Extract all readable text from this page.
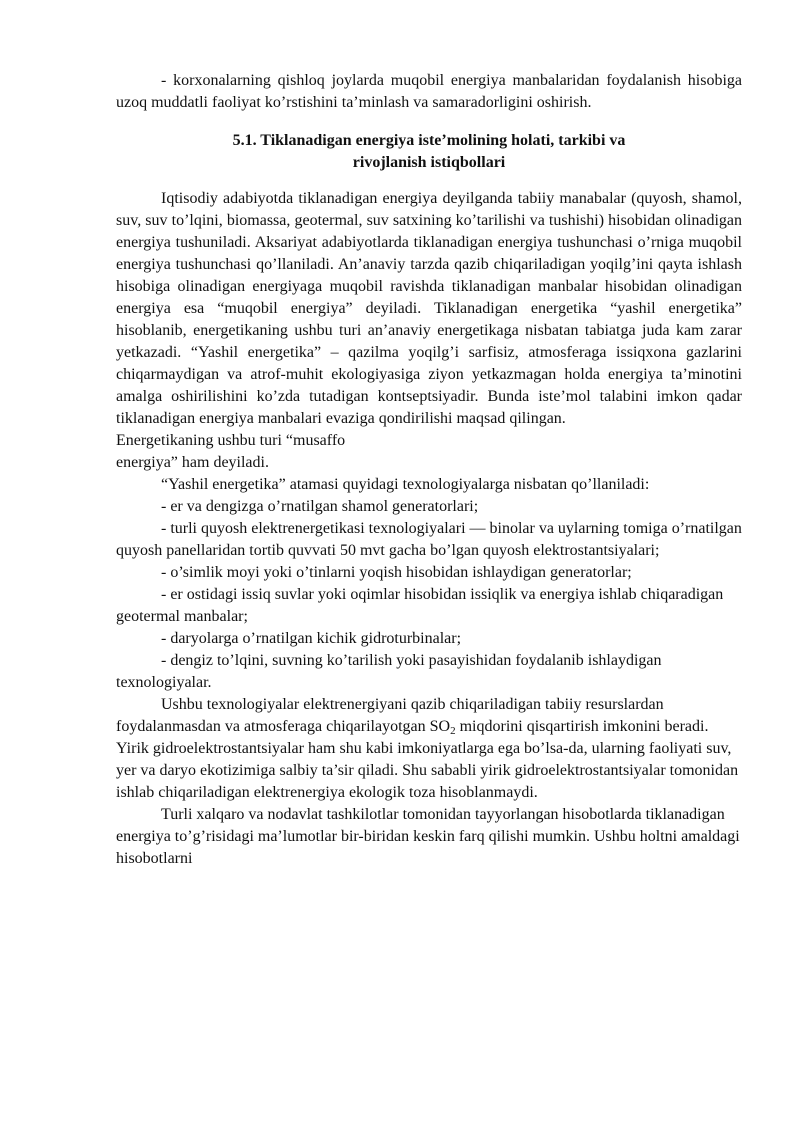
- korxonalarning qishloq joylarda muqobil energiya manbalaridan foydalanish hisobiga uzoq muddatli faoliyat ko’rstishini ta’minlash va samaradorligini oshirish.

5.1. Tiklanadigan energiya iste’molining holati, tarkibi va
rivojlanish istiqbollari

Iqtisodiy adabiyotda tiklanadigan energiya deyilganda tabiiy manabalar (quyosh, shamol, suv, suv to’lqini, biomassa, geotermal, suv satxining ko’tarilishi va tushishi) hisobidan olinadigan energiya tushuniladi. Aksariyat adabiyotlarda tiklanadigan energiya tushunchasi o’rniga muqobil energiya tushunchasi qo’llaniladi. An’anaviy tarzda qazib chiqariladigan yoqilg’ini qayta ishlash hisobiga olinadigan energiyaga muqobil ravishda tiklanadigan manbalar hisobidan olinadigan energiya esa “muqobil energiya” deyiladi. Tiklanadigan energetika “yashil energetika” hisoblanib, energetikaning ushbu turi an’anaviy energetikaga nisbatan tabiatga juda kam zarar yetkazadi. “Yashil energetika” – qazilma yoqilg’i sarfisiz, atmosferaga issiqxona gazlarini chiqarmaydigan va atrof-muhit ekologiyasiga ziyon yetkazmagan holda energiya ta’minotini amalga oshirilishini ko’zda tutadigan kontseptsiyadir. Bunda iste’mol talabini imkon qadar tiklanadigan energiya manbalari evaziga qondirilishi maqsad qilingan.

Energetikaning ushbu turi “musaffo

energiya” ham deyiladi.

“Yashil energetika” atamasi quyidagi texnologiyalarga nisbatan qo’llaniladi:

- er va dengizga o’rnatilgan shamol generatorlari;

- turli quyosh elektrenergetikasi texnologiyalari — binolar va uylarning tomiga o’rnatilgan quyosh panellaridan tortib quvvati 50 mvt gacha bo’lgan quyosh elektrostantsiyalari;

- o’simlik moyi yoki o’tinlarni yoqish hisobidan ishlaydigan generatorlar;

- er ostidagi issiq suvlar yoki oqimlar hisobidan issiqlik va energiya ishlab chiqaradigan geotermal manbalar;

- daryolarga o’rnatilgan kichik gidroturbinalar;

- dengiz to’lqini, suvning ko’tarilish yoki pasayishidan foydalanib ishlaydigan texnologiyalar.

Ushbu texnologiyalar elektrenergiyani qazib chiqariladigan tabiiy resurslardan foydalanmasdan va atmosferaga chiqarilayotgan $SO_2$ miqdorini qisqartirish imkonini beradi. Yirik gidroelektrostantsiyalar ham shu kabi imkoniyatlarga ega bo’lsa-da, ularning faoliyati suv, yer va daryo ekotizimiga salbiy ta’sir qiladi. Shu sababli yirik gidroelektrostantsiyalar tomonidan ishlab chiqariladigan elektrenergiya ekologik toza hisoblanmaydi.

Turli xalqaro va nodavlat tashkilotlar tomonidan tayyorlangan hisobotlarda tiklanadigan energiya to’g’risidagi ma’lumotlar bir-biridan keskin farq qilishi mumkin. Ushbu holtni amaldagi hisobotlarni
